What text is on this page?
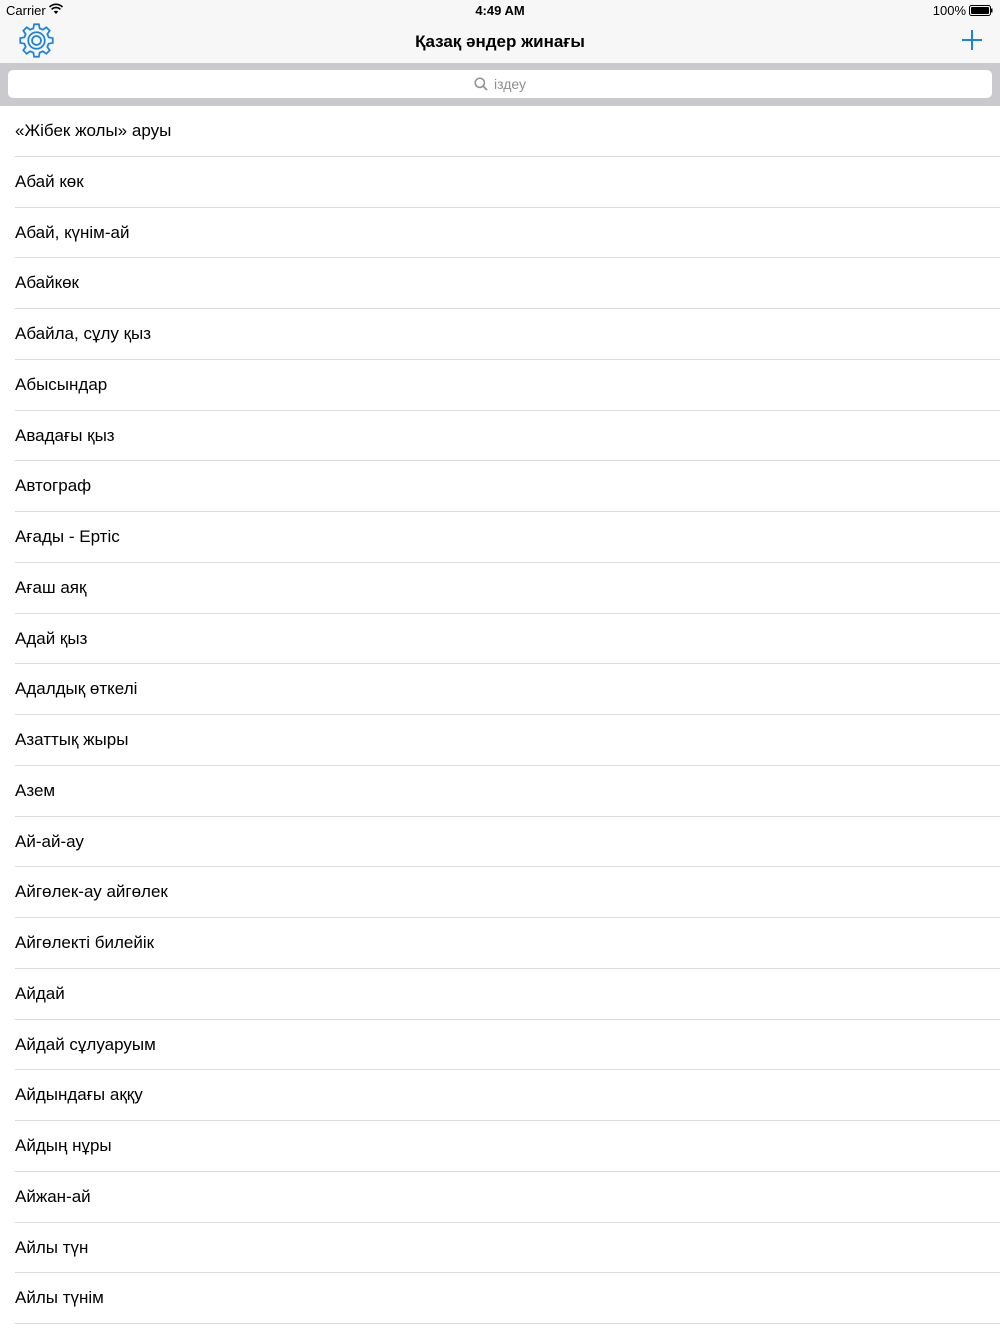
Carrier	4:49 AM	100%
Қазақ әндер жинағы
іздеу
«Жібек жолы» аруы
Абай көк
Абай, күнім-ай
Абайкөк
Абайла, сұлу қыз
Абысындар
Авадағы қыз
Автограф
Ағады - Ертіс
Ағаш аяқ
Адай қыз
Адалдық өткелі
Азаттық жыры
Азем
Ай-ай-ау
Айгөлек-ау айгөлек
Айгөлекті билейік
Айдай
Айдай сұлуаруым
Айдындағы аққу
Айдың нұры
Айжан-ай
Айлы түн
Айлы түнім
